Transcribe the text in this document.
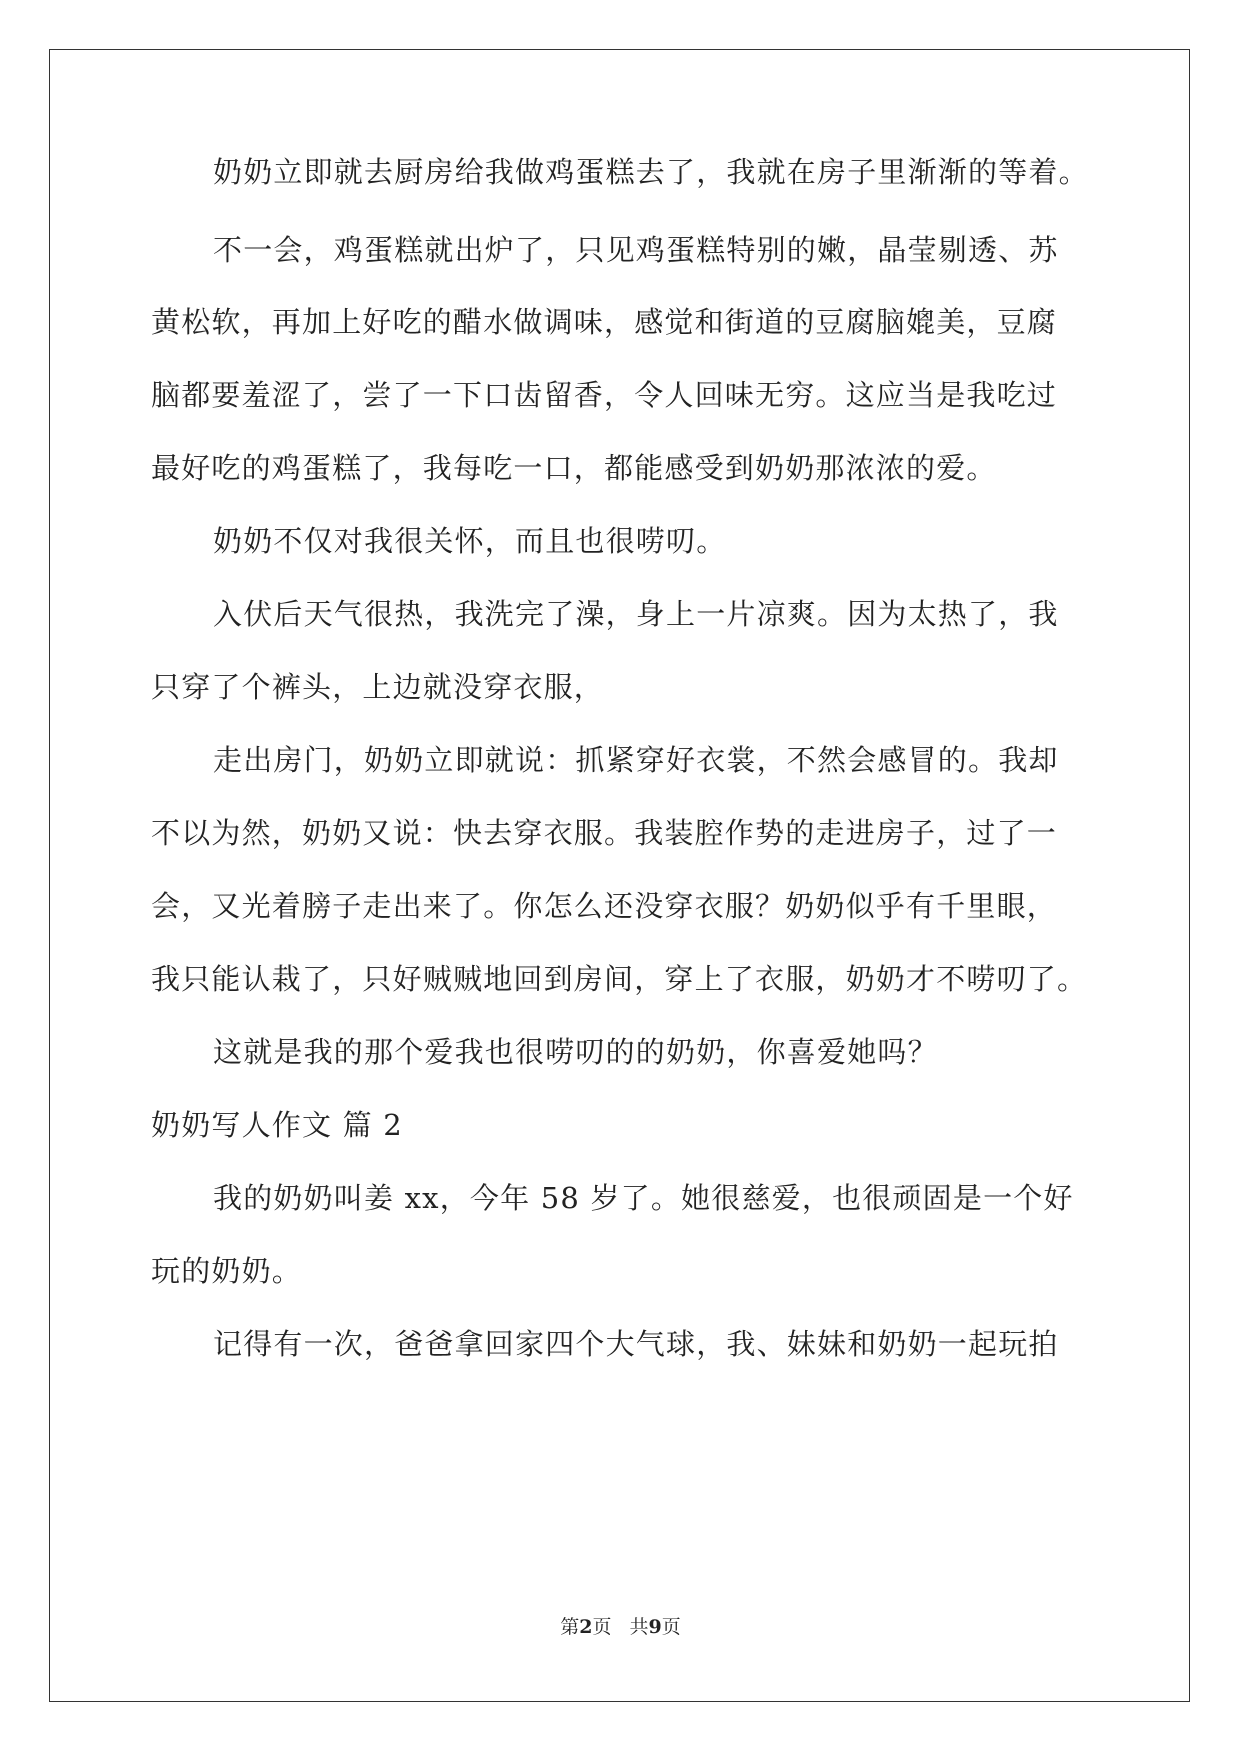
奶奶立即就去厨房给我做鸡蛋糕去了，我就在房子里渐渐的等着。
不一会，鸡蛋糕就出炉了，只见鸡蛋糕特别的嫩，晶莹剔透、苏
黄松软，再加上好吃的醋水做调味，感觉和街道的豆腐脑媲美，豆腐
脑都要羞涩了，尝了一下口齿留香，令人回味无穷。这应当是我吃过
最好吃的鸡蛋糕了，我每吃一口，都能感受到奶奶那浓浓的爱。
奶奶不仅对我很关怀，而且也很唠叨。
入伏后天气很热，我洗完了澡，身上一片凉爽。因为太热了，我
只穿了个裤头，上边就没穿衣服，
走出房门，奶奶立即就说：抓紧穿好衣裳，不然会感冒的。我却
不以为然，奶奶又说：快去穿衣服。我装腔作势的走进房子，过了一
会，又光着膀子走出来了。你怎么还没穿衣服？奶奶似乎有千里眼，
我只能认栽了，只好贼贼地回到房间，穿上了衣服，奶奶才不唠叨了。
这就是我的那个爱我也很唠叨的的奶奶，你喜爱她吗？
奶奶写人作文 篇 2
我的奶奶叫姜 xx，今年 58 岁了。她很慈爱，也很顽固是一个好
玩的奶奶。
记得有一次，爸爸拿回家四个大气球，我、妹妹和奶奶一起玩拍
第2页 共9页
